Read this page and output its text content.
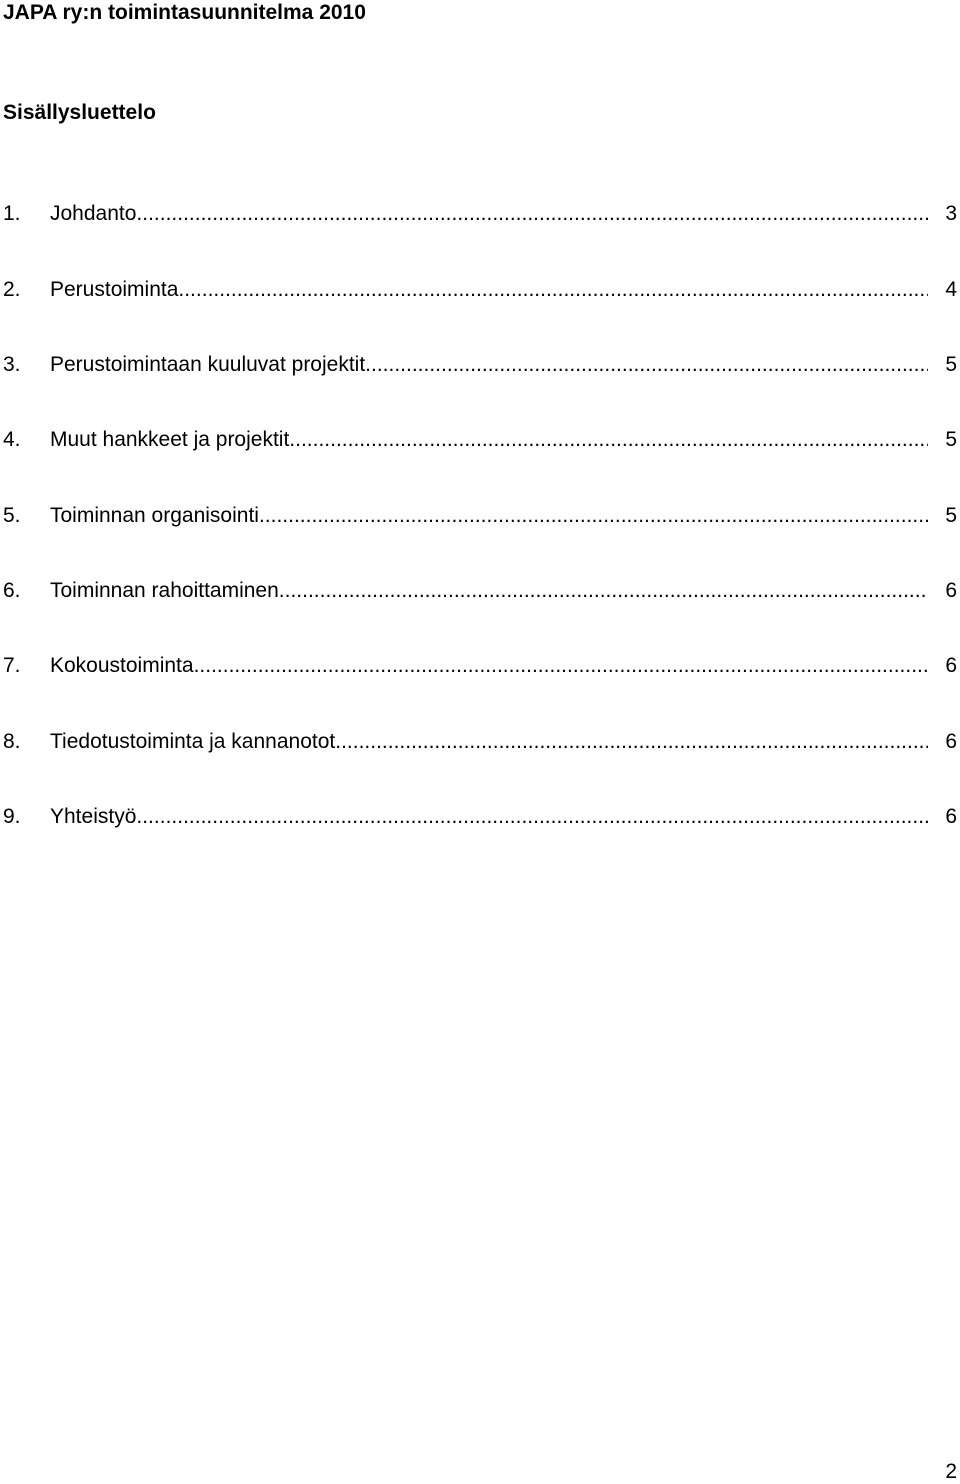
JAPA ry:n toimintasuunnitelma 2010
Sisällysluettelo
1. Johdanto .....	3
2. Perustoiminta .....	4
3. Perustoimintaan kuuluvat projektit .....	5
4. Muut hankkeet ja projektit .....	5
5. Toiminnan organisointi .....	5
6. Toiminnan rahoittaminen .....	6
7. Kokoustoiminta .....	6
8. Tiedotustoiminta ja kannanotot .....	6
9. Yhteistyö .....	6
2
